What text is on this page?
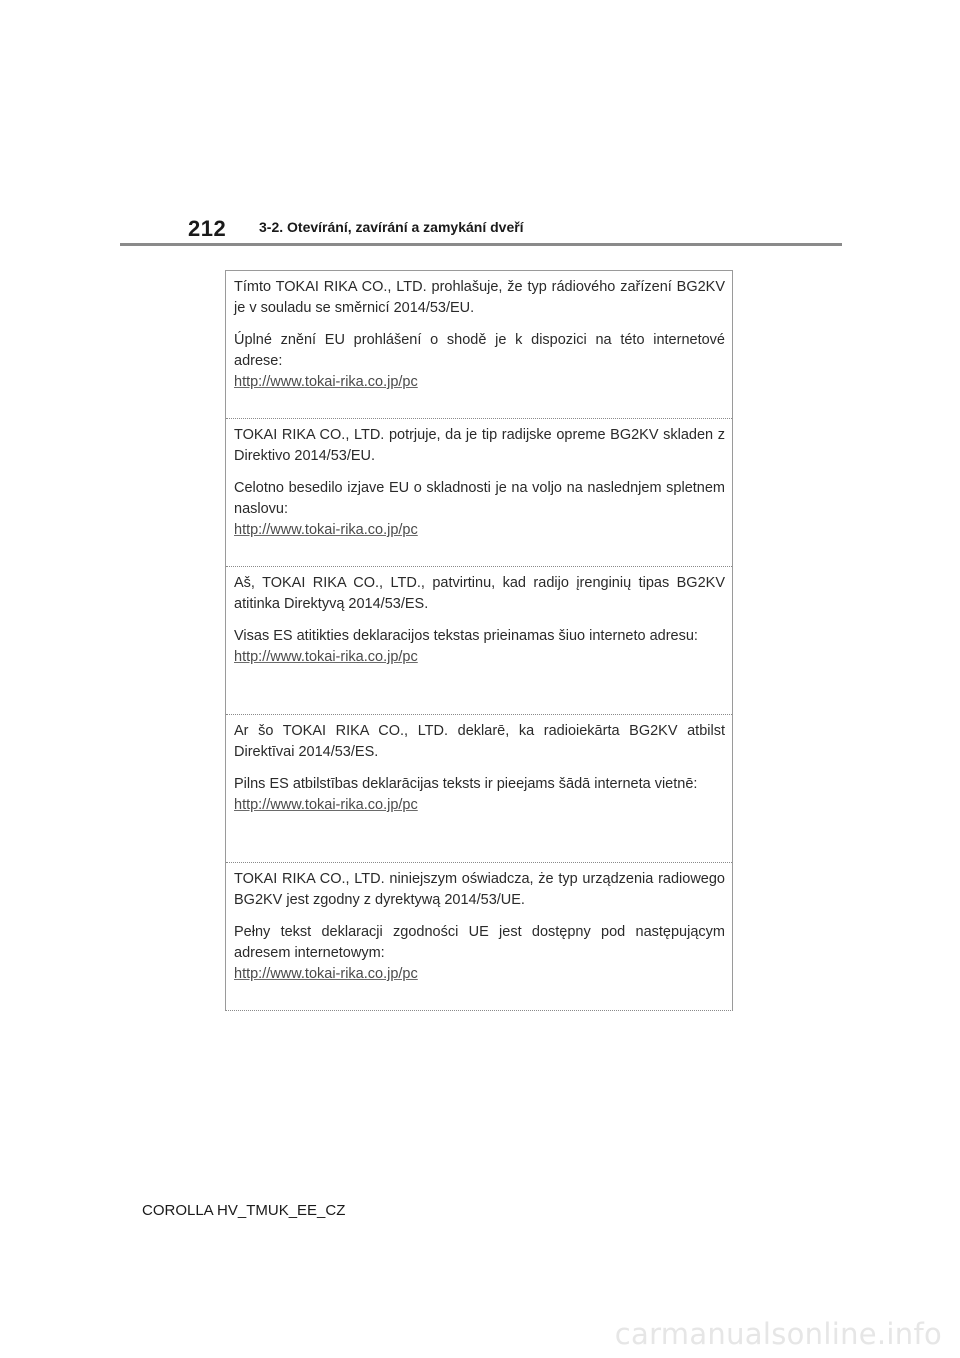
212 3-2. Otevírání, zavírání a zamykání dveří

Tímto TOKAI RIKA CO., LTD. prohlašuje, že typ rádiového zařízení BG2KV je v souladu se směrnicí 2014/53/EU.

Úplné znění EU prohlášení o shodě je k dispozici na této internetové adrese:

http://www.tokai-rika.co.jp/pc

TOKAI RIKA CO., LTD. potrjuje, da je tip radijske opreme BG2KV skladen z Direktivo 2014/53/EU.

Celotno besedilo izjave EU o skladnosti je na voljo na naslednjem spletnem naslovu:

http://www.tokai-rika.co.jp/pc

Aš, TOKAI RIKA CO., LTD., patvirtinu, kad radijo įrenginių tipas BG2KV atitinka Direktyvą 2014/53/ES.

Visas ES atitikties deklaracijos tekstas prieinamas šiuo interneto adresu:

http://www.tokai-rika.co.jp/pc

Ar šo TOKAI RIKA CO., LTD. deklarē, ka radioiekārta BG2KV atbilst Direktīvai 2014/53/ES.

Pilns ES atbilstības deklarācijas teksts ir pieejams šādā interneta vietnē:

http://www.tokai-rika.co.jp/pc

TOKAI RIKA CO., LTD. niniejszym oświadcza, że typ urządzenia radiowego BG2KV jest zgodny z dyrektywą 2014/53/UE.

Pełny tekst deklaracji zgodności UE jest dostępny pod następującym adresem internetowym:

http://www.tokai-rika.co.jp/pc
COROLLA HV_TMUK_EE_CZ
carmanualsonline.info
